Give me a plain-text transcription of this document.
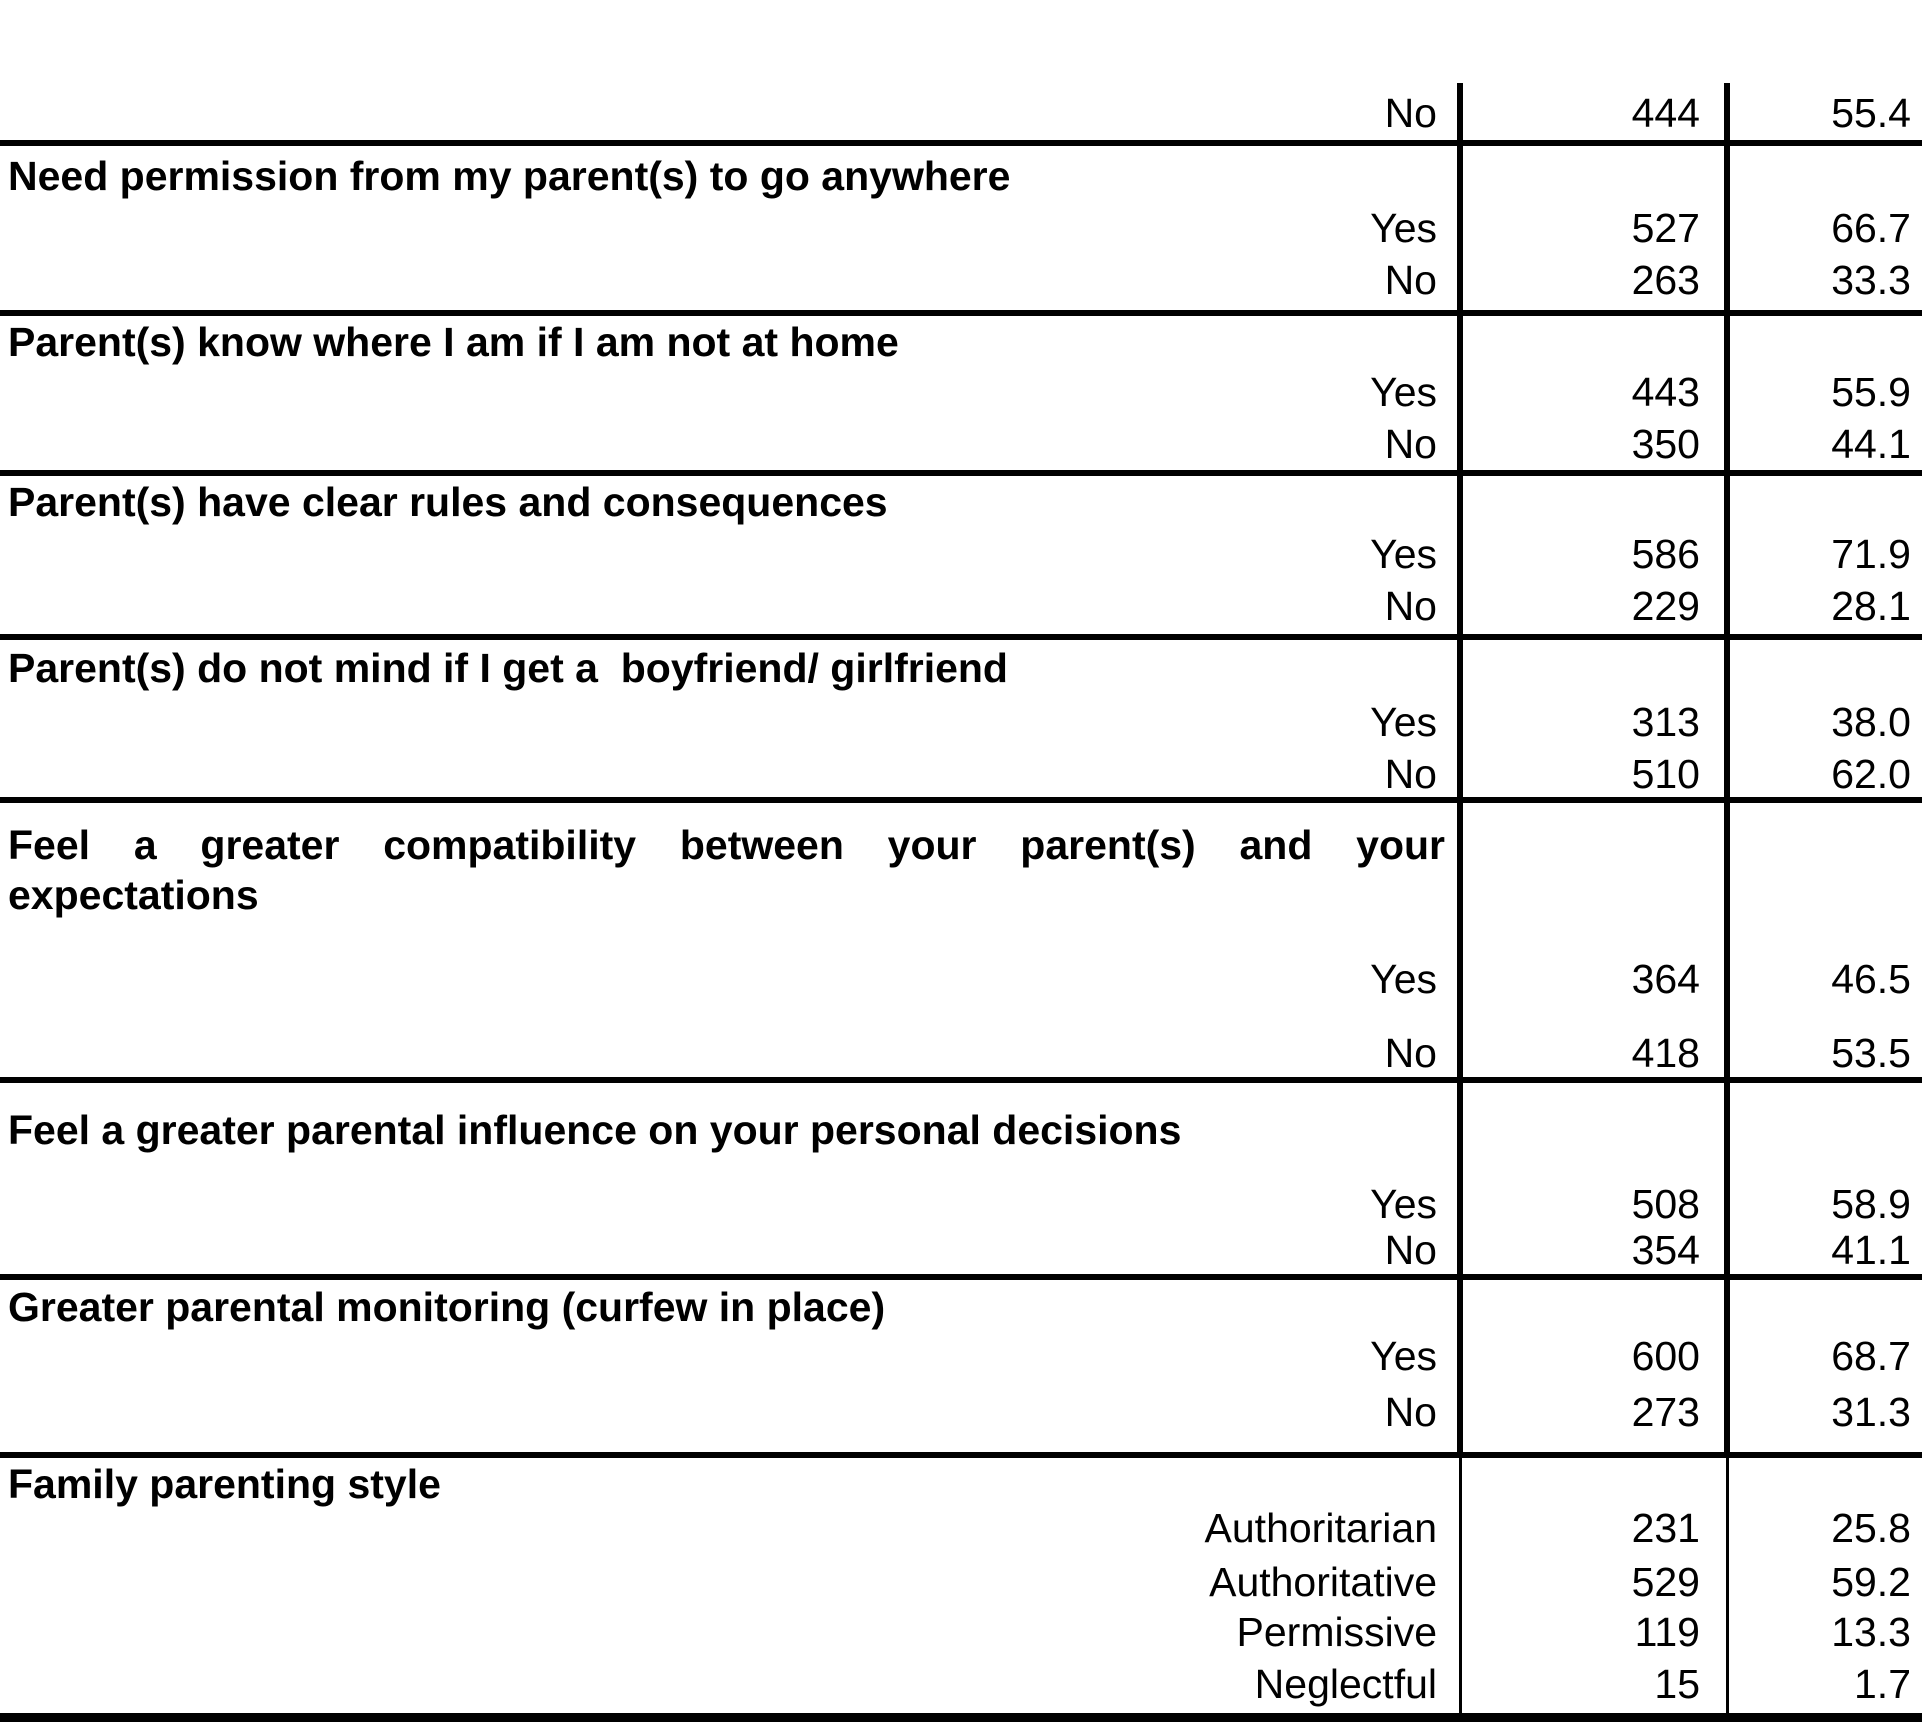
No	444	55.4
Need permission from my parent(s) to go anywhere
Yes	527	66.7
No	263	33.3
Parent(s) know where I am if I am not at home
Yes	443	55.9
No	350	44.1
Parent(s) have clear rules and consequences
Yes	586	71.9
No	229	28.1
Parent(s) do not mind if I get a  boyfriend/ girlfriend
Yes	313	38.0
No	510	62.0
Feel a greater compatibility between your parent(s) and your expectations
Yes	364	46.5
No	418	53.5
Feel a greater parental influence on your personal decisions
Yes	508	58.9
No	354	41.1
Greater parental monitoring (curfew in place)
Yes	600	68.7
No	273	31.3
Family parenting style
Authoritarian	231	25.8
Authoritative	529	59.2
Permissive	119	13.3
Neglectful	15	1.7
